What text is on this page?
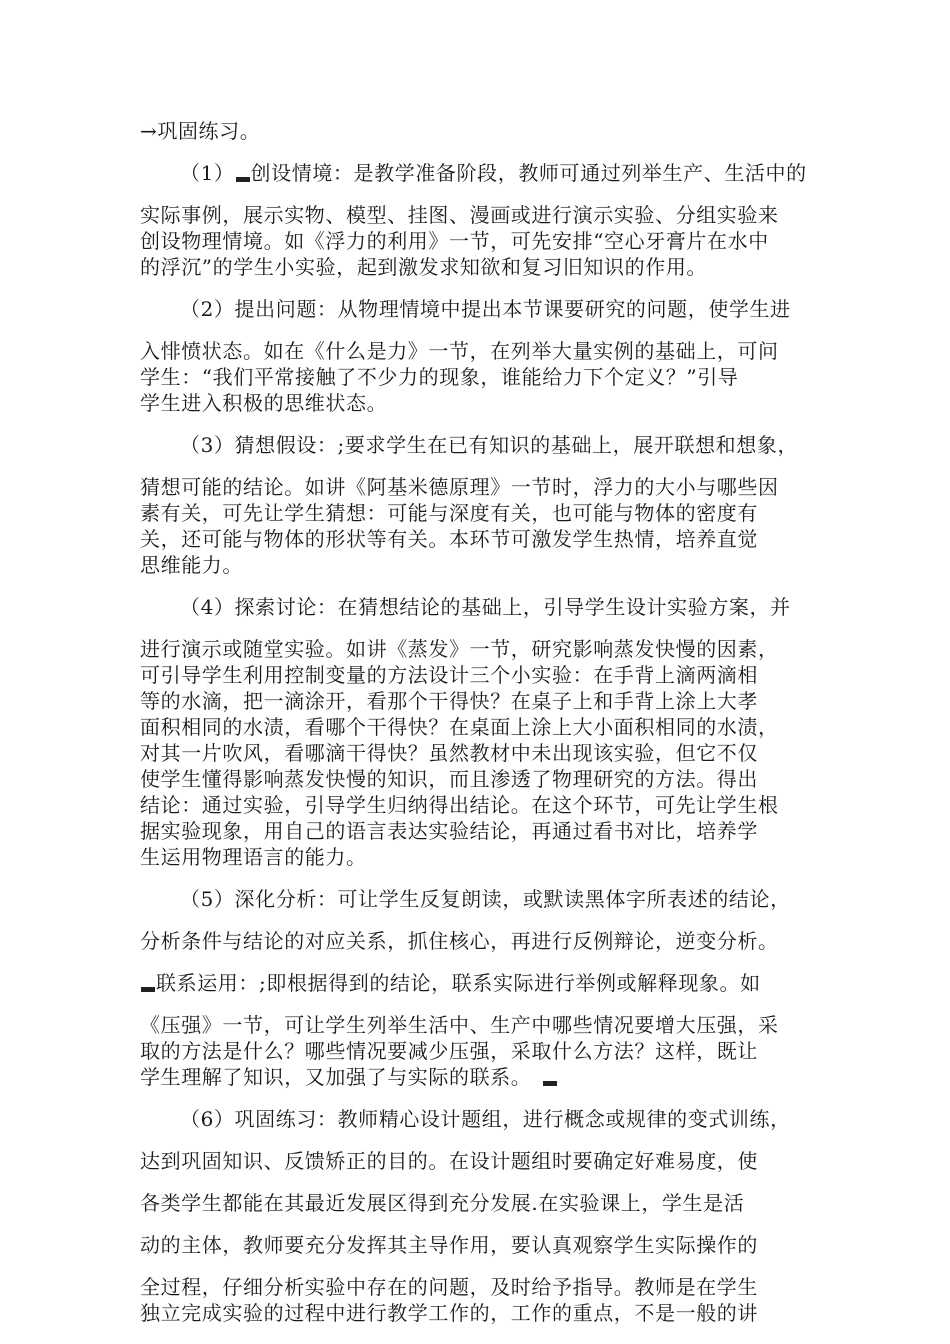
→巩固练习。

（1） 创设情境：是教学准备阶段，教师可通过列举生产、生活中的

实际事例，展示实物、模型、挂图、漫画或进行演示实验、分组实验来

创设物理情境。如《浮力的利用》一节，可先安排“空心牙膏片在水中

的浮沉”的学生小实验，起到激发求知欲和复习旧知识的作用。

（2）提出问题：从物理情境中提出本节课要研究的问题，使学生进

入悱愤状态。如在《什么是力》一节，在列举大量实例的基础上，可问

学生：“我们平常接触了不少力的现象，谁能给力下个定义？”引导

学生进入积极的思维状态。

（3）猜想假设：;要求学生在已有知识的基础上，展开联想和想象，

猜想可能的结论。如讲《阿基米德原理》一节时，浮力的大小与哪些因

素有关，可先让学生猜想：可能与深度有关，也可能与物体的密度有

关，还可能与物体的形状等有关。本环节可激发学生热情，培养直觉

思维能力。

（4）探索讨论：在猜想结论的基础上，引导学生设计实验方案，并

进行演示或随堂实验。如讲《蒸发》一节，研究影响蒸发快慢的因素，

可引导学生利用控制变量的方法设计三个小实验：在手背上滴两滴相

等的水滴，把一滴涂开，看那个干得快？在桌子上和手背上涂上大孝

面积相同的水渍，看哪个干得快？在桌面上涂上大小面积相同的水渍，

对其一片吹风，看哪滴干得快？虽然教材中未出现该实验，但它不仅

使学生懂得影响蒸发快慢的知识，而且渗透了物理研究的方法。得出

结论：通过实验，引导学生归纳得出结论。在这个环节，可先让学生根

据实验现象，用自己的语言表达实验结论，再通过看书对比，培养学

生运用物理语言的能力。

（5）深化分析：可让学生反复朗读，或默读黑体字所表述的结论，

分析条件与结论的对应关系，抓住核心，再进行反例辩论，逆变分析。

联系运用：;即根据得到的结论，联系实际进行举例或解释现象。如

《压强》一节，可让学生列举生活中、生产中哪些情况要增大压强，采

取的方法是什么？哪些情况要减少压强，采取什么方法？这样，既让

学生理解了知识，又加强了与实际的联系。

（6）巩固练习：教师精心设计题组，进行概念或规律的变式训练，

达到巩固知识、反馈矫正的目的。在设计题组时要确定好难易度，使

各类学生都能在其最近发展区得到充分发展.在实验课上，学生是活

动的主体，教师要充分发挥其主导作用，要认真观察学生实际操作的

全过程，仔细分析实验中存在的问题，及时给予指导。教师是在学生

独立完成实验的过程中进行教学工作的，工作的重点，不是一般的讲
